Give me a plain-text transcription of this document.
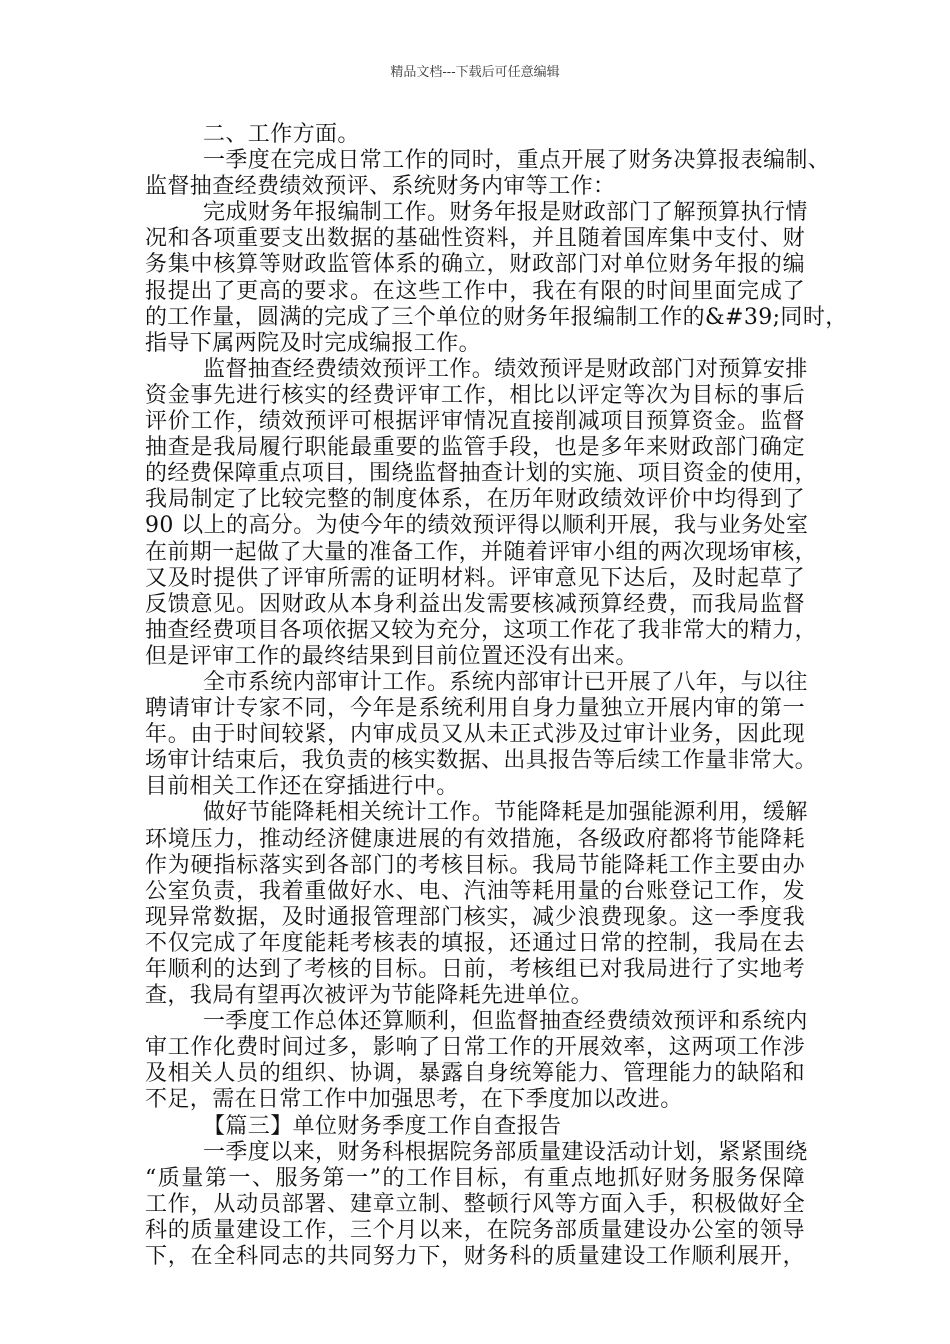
精品文档---下载后可任意编辑
二、工作方面。
一季度在完成日常工作的同时，重点开展了财务决算报表编制、
监督抽查经费绩效预评、系统财务内审等工作：
完成财务年报编制工作。财务年报是财政部门了解预算执行情
况和各项重要支出数据的基础性资料，并且随着国库集中支付、财
务集中核算等财政监管体系的确立，财政部门对单位财务年报的编
报提出了更高的要求。在这些工作中，我在有限的时间里面完成了
的工作量，圆满的完成了三个单位的财务年报编制工作的&#39;同时，
指导下属两院及时完成编报工作。
监督抽查经费绩效预评工作。绩效预评是财政部门对预算安排
资金事先进行核实的经费评审工作，相比以评定等次为目标的事后
评价工作，绩效预评可根据评审情况直接削减项目预算资金。监督
抽查是我局履行职能最重要的监管手段，也是多年来财政部门确定
的经费保障重点项目，围绕监督抽查计划的实施、项目资金的使用，
我局制定了比较完整的制度体系，在历年财政绩效评价中均得到了
90 以上的高分。为使今年的绩效预评得以顺利开展，我与业务处室
在前期一起做了大量的准备工作，并随着评审小组的两次现场审核，
又及时提供了评审所需的证明材料。评审意见下达后，及时起草了
反馈意见。因财政从本身利益出发需要核减预算经费，而我局监督
抽查经费项目各项依据又较为充分，这项工作花了我非常大的精力，
但是评审工作的最终结果到目前位置还没有出来。
全市系统内部审计工作。系统内部审计已开展了八年，与以往
聘请审计专家不同，今年是系统利用自身力量独立开展内审的第一
年。由于时间较紧，内审成员又从未正式涉及过审计业务，因此现
场审计结束后，我负责的核实数据、出具报告等后续工作量非常大。
目前相关工作还在穿插进行中。
做好节能降耗相关统计工作。节能降耗是加强能源利用，缓解
环境压力，推动经济健康进展的有效措施，各级政府都将节能降耗
作为硬指标落实到各部门的考核目标。我局节能降耗工作主要由办
公室负责，我着重做好水、电、汽油等耗用量的台账登记工作，发
现异常数据，及时通报管理部门核实，减少浪费现象。这一季度我
不仅完成了年度能耗考核表的填报，还通过日常的控制，我局在去
年顺利的达到了考核的目标。日前，考核组已对我局进行了实地考
查，我局有望再次被评为节能降耗先进单位。
一季度工作总体还算顺利，但监督抽查经费绩效预评和系统内
审工作化费时间过多，影响了日常工作的开展效率，这两项工作涉
及相关人员的组织、协调，暴露自身统筹能力、管理能力的缺陷和
不足，需在日常工作中加强思考，在下季度加以改进。
【篇三】单位财务季度工作自查报告
一季度以来，财务科根据院务部质量建设活动计划，紧紧围绕
“质量第一、服务第一”的工作目标，有重点地抓好财务服务保障
工作，从动员部署、建章立制、整顿行风等方面入手，积极做好全
科的质量建设工作，三个月以来，在院务部质量建设办公室的领导
下，在全科同志的共同努力下，财务科的质量建设工作顺利展开，
